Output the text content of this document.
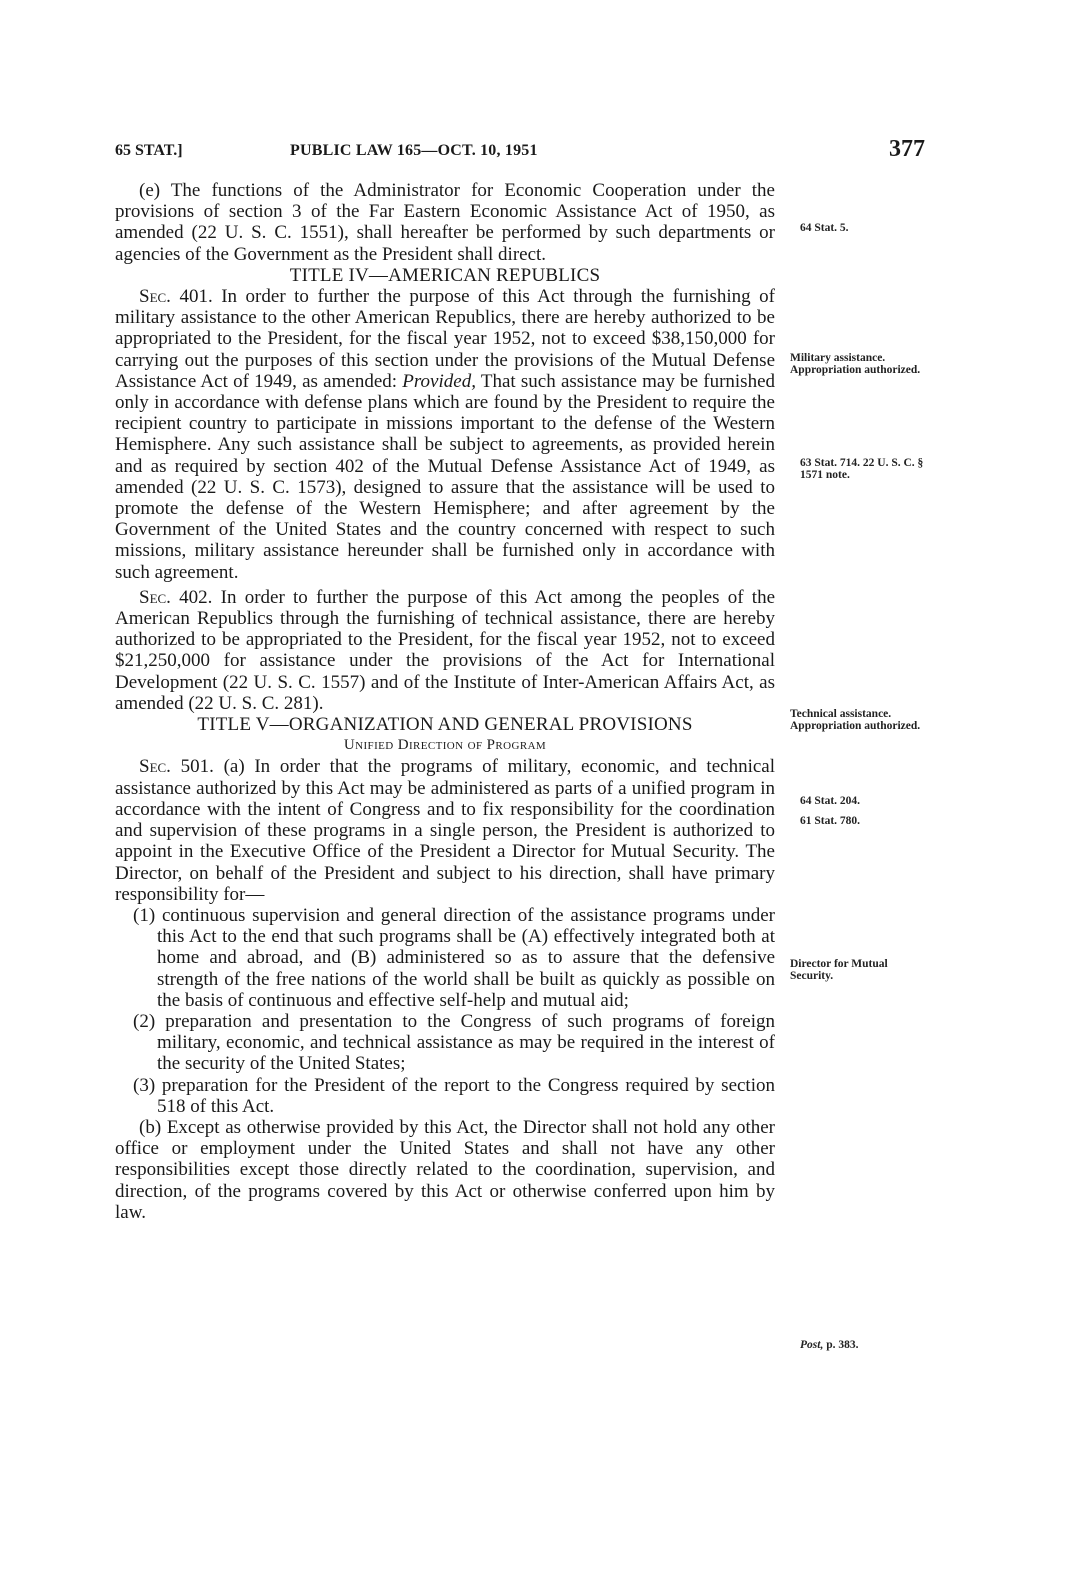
65 STAT.]	PUBLIC LAW 165—OCT. 10, 1951	377

(e) The functions of the Administrator for Economic Cooperation under the provisions of section 3 of the Far Eastern Economic Assistance Act of 1950, as amended (22 U. S. C. 1551), shall hereafter be performed by such departments or agencies of the Government as the President shall direct.

TITLE IV—AMERICAN REPUBLICS

Sec. 401. In order to further the purpose of this Act through the furnishing of military assistance to the other American Republics, there are hereby authorized to be appropriated to the President, for the fiscal year 1952, not to exceed $38,150,000 for carrying out the purposes of this section under the provisions of the Mutual Defense Assistance Act of 1949, as amended: Provided, That such assistance may be furnished only in accordance with defense plans which are found by the President to require the recipient country to participate in missions important to the defense of the Western Hemisphere. Any such assistance shall be subject to agreements, as provided herein and as required by section 402 of the Mutual Defense Assistance Act of 1949, as amended (22 U. S. C. 1573), designed to assure that the assistance will be used to promote the defense of the Western Hemisphere; and after agreement by the Government of the United States and the country concerned with respect to such missions, military assistance hereunder shall be furnished only in accordance with such agreement.

Sec. 402. In order to further the purpose of this Act among the peoples of the American Republics through the furnishing of technical assistance, there are hereby authorized to be appropriated to the President, for the fiscal year 1952, not to exceed $21,250,000 for assistance under the provisions of the Act for International Development (22 U. S. C. 1557) and of the Institute of Inter-American Affairs Act, as amended (22 U. S. C. 281).

TITLE V—ORGANIZATION AND GENERAL PROVISIONS

Unified Direction of Program

Sec. 501. (a) In order that the programs of military, economic, and technical assistance authorized by this Act may be administered as parts of a unified program in accordance with the intent of Congress and to fix responsibility for the coordination and supervision of these programs in a single person, the President is authorized to appoint in the Executive Office of the President a Director for Mutual Security. The Director, on behalf of the President and subject to his direction, shall have primary responsibility for—

(1) continuous supervision and general direction of the assistance programs under this Act to the end that such programs shall be (A) effectively integrated both at home and abroad, and (B) administered so as to assure that the defensive strength of the free nations of the world shall be built as quickly as possible on the basis of continuous and effective self-help and mutual aid;

(2) preparation and presentation to the Congress of such programs of foreign military, economic, and technical assistance as may be required in the interest of the security of the United States;

(3) preparation for the President of the report to the Congress required by section 518 of this Act.

(b) Except as otherwise provided by this Act, the Director shall not hold any other office or employment under the United States and shall not have any other responsibilities except those directly related to the coordination, supervision, and direction, of the programs covered by this Act or otherwise conferred upon him by law.

64 Stat. 5.
Military assistance. Appropriation authorized.
63 Stat. 714. 22 U. S. C. § 1571 note.
Technical assistance. Appropriation authorized.
64 Stat. 204.
61 Stat. 780.
Director for Mutual Security.
Post, p. 383.
